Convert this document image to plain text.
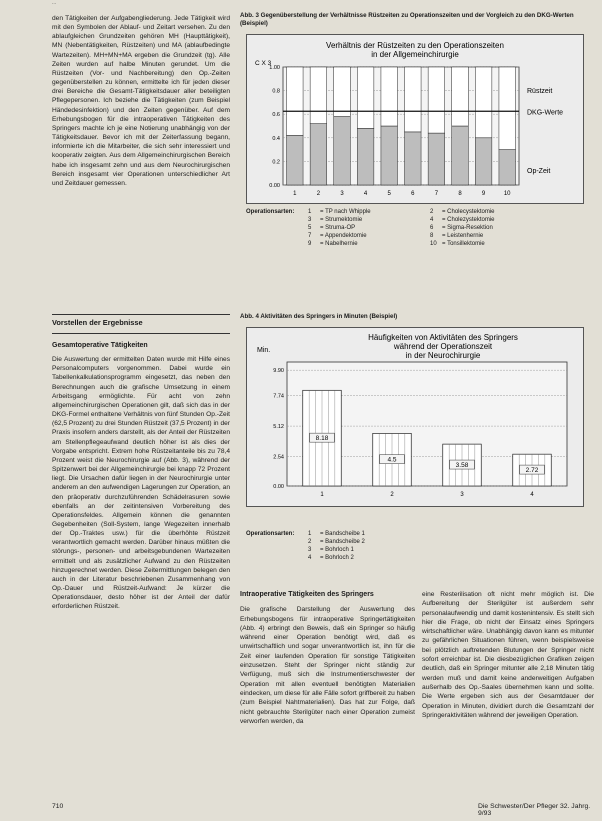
...

den Tätigkeiten der Aufgabengliederung. Jede Tätigkeit wird mit den Symbolen der Ablauf- und Zeitart versehen. Zu den ablaufgleichen Grundzeiten gehören MH (Haupttätigkeit), MN (Nebentätigkeiten, Rüstzeiten) und MA (ablaufbedingte Wartezeiten). MH+MN+MA ergeben die Grundzeit (tg). Alle Zeiten wurden auf halbe Minuten gerundet. Um die Rüstzeiten (Vor- und Nachbereitung) den Op.-Zeiten gegenüberstellen zu können, ermittelte ich für jeden dieser drei Bereiche die Gesamt-Tätigkeitsdauer aller beteiligten Pflegepersonen. Ich beziehe die Tätigkeiten (zum Beispiel Händedesinfektion) und den Zeiten gegenüber. Auf dem Erhebungsbogen für die intraoperativen Tätigkeiten des Springers machte ich je eine Notierung unabhängig von der Tätigkeitsdauer. Bevor ich mit der Zeiterfassung begann, informierte ich die Mitarbeiter, die sich sehr interessiert und kooperativ zeigten. Aus dem Allgemeinchirurgischen Bereich habe ich insgesamt zehn und aus dem Neurochirurgischen Bereich insgesamt vier Operationen unterschiedlicher Art und Zeitdauer gemessen.

Vorstellen der Ergebnisse

Gesamtoperative Tätigkeiten

Die Auswertung der ermittelten Daten wurde mit Hilfe eines Personalcomputers vorgenommen. Dabei wurde ein Tabellenkalkulationsprogramm eingesetzt, das neben den Berechnungen auch die grafische Umsetzung in einem Arbeitsgang ermöglichte. Für acht von zehn allgemeinchirurgischen Operationen gilt, daß sich das in der DKG-Formel enthaltene Verhältnis von fünf Stunden Op.-Zeit (62,5 Prozent) zu drei Stunden Rüstzeit (37,5 Prozent) in der Praxis insofern anders darstellt, als der Anteil der Rüstzeiten am Stellenpflegeaufwand deutlich höher ist als dies der Vorgabe entspricht. Extrem hohe Rüstzeitanteile bis zu 78,4 Prozent weist die Neurochirurgie auf (Abb. 3), während der Spitzenwert bei der Allgemeinchirurgie bei knapp 72 Prozent liegt. Die Ursachen dafür liegen in der Neurochirurgie unter anderem an den aufwendigen Lagerungen zur Operation, an den präoperativ durchzuführenden Schädelrasuren sowie ebenfalls an der zeitintensiven Vorbereitung des Operationsfeldes. Allgemein können die genannten Gegebenheiten (Soll-System, lange Wegezeiten innerhalb der Op.-Traktes usw.) für die überhöhte Rüstzeit verantwortlich gemacht werden. Darüber hinaus müßten die störungs-, personen- und arbeitsgebundenen Wartezeiten ermittelt und als zusätzlicher Aufwand zu den Rüstzeiten hinzugerechnet werden. Diese Zeitermittlungen belegen den auch in der Literatur beschriebenen Zusammenhang von Op.-Dauer und Rüstzeit-Aufwand: Je kürzer die Operationsdauer, desto höher ist der Anteil der dafür erforderlichen Rüstzeit.

Abb. 3 Gegenüberstellung der Verhältnisse Rüstzeiten zu Operationszeiten und der Vorgleich zu den DKG-Werten (Beispiel)
Verhältnis der Rüstzeiten zu den Operationszeiten
in der Allgemeinchirurgie
C X 3
0.00
0.2
0.4
0.6
0.8
1.00
1	2	3	4	5	6	7	8	9	10
Rüstzeit
DKG-Werte
Op-Zeit
Operationsarten:	1	= TP nach Whipple	2	= Cholecystektomie
3	= Strumektomie	4	= Cholezystektomie
5	= Struma-OP	6	= Sigma-Resektion
7	= Appendektomie	8	= Leistenhernie
9	= Nabelhernie	10 = Tonsillektomie
Abb. 4 Aktivitäten des Springers in Minuten (Beispiel)
Häufigkeiten von Aktivitäten des Springers
während der Operationszeit
in der Neurochirurgie
Min.
0.00
2.54
5.12
7.74
9.90
8.18
1
4.5
2
3.58
3
2.72
4
Operationsarten:	1	= Bandscheibe 1
2	= Bandscheibe 2
3	= Bohrloch 1
4	= Bohrloch 2

Intraoperative Tätigkeiten des Springers

Die grafische Darstellung der Auswertung des Erhebungsbogens für intraoperative Springertätigkeiten (Abb. 4) erbringt den Beweis, daß ein Springer so häufig während einer Operation benötigt wird, daß es unwirtschaftlich und sogar unverantwortlich ist, ihn für die Zeit einer laufenden Operation für sonstige Tätigkeiten einzusetzen. Steht der Springer nicht ständig zur Verfügung, muß sich die Instrumentierschwester der Operation mit allen eventuell benötigten Materialien eindecken, um diese für alle Fälle sofort griffbereit zu haben (zum Beispiel Nahtmaterialien). Das hat zur Folge, daß nicht gebrauchte Sterilgüter nach einer Operation zumeist verworfen werden, da

eine Resterilisation oft nicht mehr möglich ist. Die Aufbereitung der Sterilgüter ist außerdem sehr personalaufwendig und damit kostenintensiv. Es stellt sich hier die Frage, ob nicht der Einsatz eines Springers wirtschaftlicher wäre. Unabhängig davon kann es mitunter zu gefährlichen Situationen führen, wenn beispielsweise bei plötzlich auftretenden Blutungen der Springer nicht sofort erreichbar ist. Die diesbezüglichen Grafiken zeigen deutlich, daß ein Springer mitunter alle 2,18 Minuten tätig werden muß und damit keine anderweitigen Aufgaben außerhalb des Op.-Saales übernehmen kann und sollte. Die Werte ergeben sich aus der Gesamtdauer der Operation in Minuten, dividiert durch die Gesamtzahl der Springeraktivitäten während der jeweiligen Operation.

710	Die Schwester/Der Pfleger 32. Jahrg. 9/93
